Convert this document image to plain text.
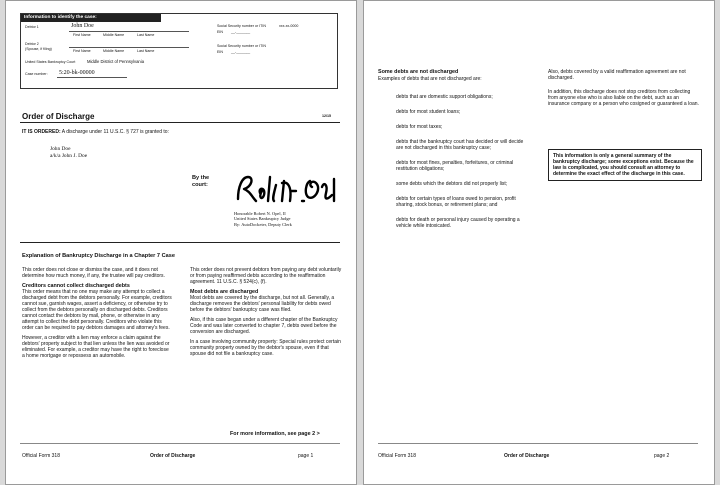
Information to identify the case:
Debtor 1	John Doe
First Name	Middle Name	Last Name
Debtor 2
(Spouse, if filing)	First Name	Middle Name	Last Name
United States Bankruptcy Court	Middle District of Pennsylvania
Case number: 5:20-bk-00000
Social Security number or ITIN	xxx-xx-0000
EIN __-_______
Social Security number or ITIN
EIN __-_______
Order of Discharge	12/15
IT IS ORDERED: A discharge under 11 U.S.C. § 727 is granted to:
John Doe
a/k/a John J. Doe
By the court:
Honorable Robert N. Opel, II
United States Bankruptcy Judge
By: AutoDocketer, Deputy Clerk
Explanation of Bankruptcy Discharge in a Chapter 7 Case

This order does not close or dismiss the case, and it does not determine how much money, if any, the trustee will pay creditors.

Creditors cannot collect discharged debts

This order means that no one may make any attempt to collect a discharged debt from the debtors personally. For example, creditors cannot sue, garnish wages, assert a deficiency, or otherwise try to collect from the debtors personally on discharged debts. Creditors cannot contact the debtors by mail, phone, or otherwise in any attempt to collect the debt personally. Creditors who violate this order can be required to pay debtors damages and attorney's fees.

However, a creditor with a lien may enforce a claim against the debtors' property subject to that lien unless the lien was avoided or eliminated. For example, a creditor may have the right to foreclose a home mortgage or repossess an automobile.

This order does not prevent debtors from paying any debt voluntarily or from paying reaffirmed debts according to the reaffirmation agreement. 11 U.S.C. § 524(c), (f).

Most debts are discharged

Most debts are covered by the discharge, but not all. Generally, a discharge removes the debtors' personal liability for debts owed before the debtors' bankruptcy case was filed.

Also, if this case began under a different chapter of the Bankruptcy Code and was later converted to chapter 7, debts owed before the conversion are discharged.

In a case involving community property: Special rules protect certain community property owned by the debtor's spouse, even if that spouse did not file a bankruptcy case.

For more information, see page 2 >
Official Form 318	Order of Discharge	page 1
Some debts are not discharged
Examples of debts that are not discharged are:

debts that are domestic support obligations;

debts for most student loans;

debts for most taxes;

debts that the bankruptcy court has decided or will decide are not discharged in this bankruptcy case;

debts for most fines, penalties, forfeitures, or criminal restitution obligations;

some debts which the debtors did not properly list;

debts for certain types of loans owed to pension, profit sharing, stock bonus, or retirement plans; and

debts for death or personal injury caused by operating a vehicle while intoxicated.

Also, debts covered by a valid reaffirmation agreement are not discharged.

In addition, this discharge does not stop creditors from collecting from anyone else who is also liable on the debt, such as an insurance company or a person who cosigned or guaranteed a loan.

This information is only a general summary of the bankruptcy discharge; some exceptions exist. Because the law is complicated, you should consult an attorney to determine the exact effect of the discharge in this case.
Official Form 318	Order of Discharge	page 2
